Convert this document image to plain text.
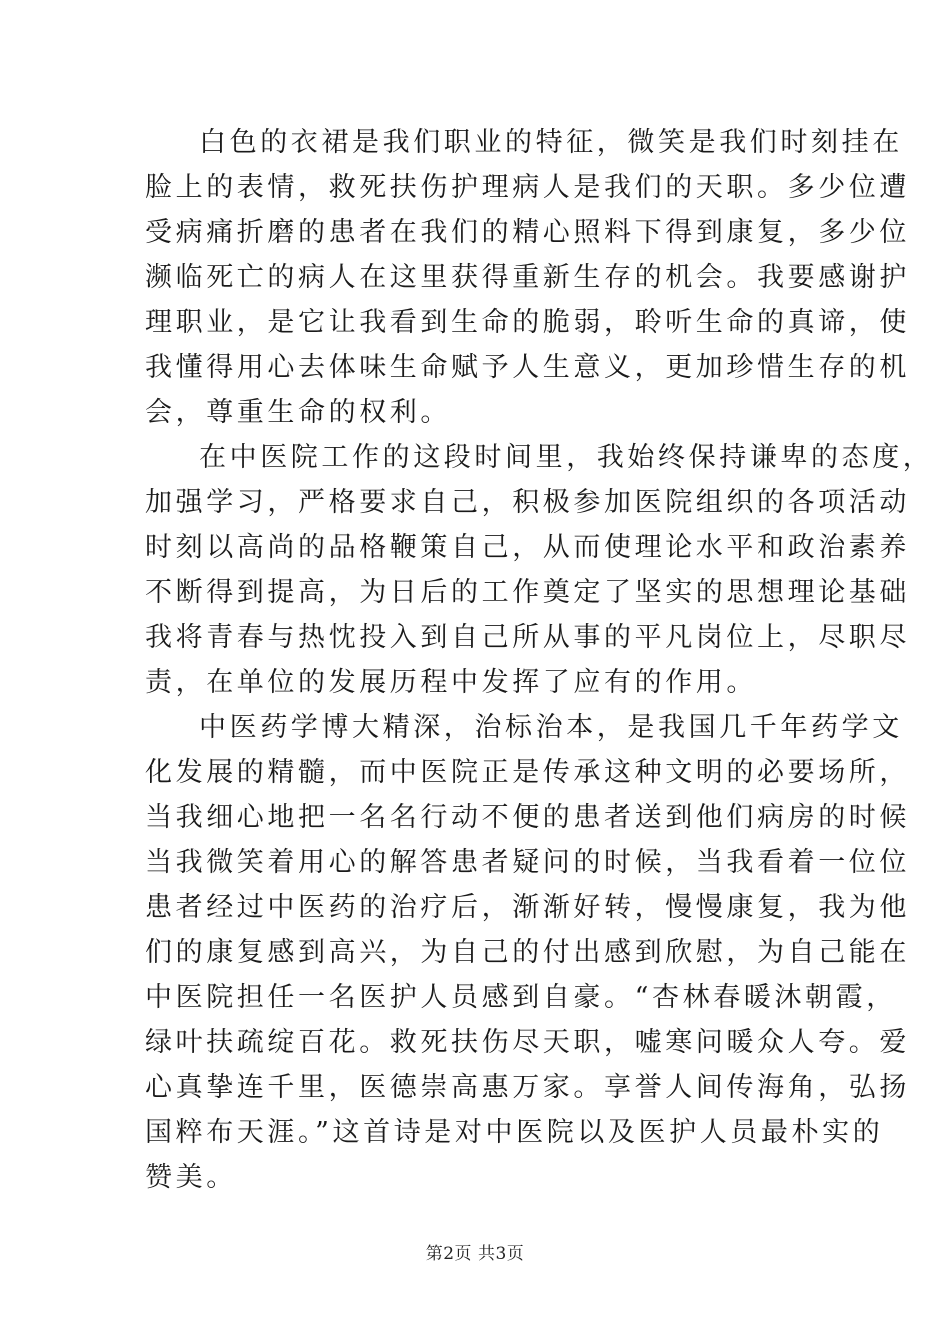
白色的衣裙是我们职业的特征，微笑是我们时刻挂在
脸上的表情，救死扶伤护理病人是我们的天职。多少位遭
受病痛折磨的患者在我们的精心照料下得到康复，多少位
濒临死亡的病人在这里获得重新生存的机会。我要感谢护
理职业，是它让我看到生命的脆弱，聆听生命的真谛，使
我懂得用心去体味生命赋予人生意义，更加珍惜生存的机
会，尊重生命的权利。
在中医院工作的这段时间里，我始终保持谦卑的态度，
加强学习，严格要求自己，积极参加医院组织的各项活动
时刻以高尚的品格鞭策自己，从而使理论水平和政治素养
不断得到提高，为日后的工作奠定了坚实的思想理论基础
我将青春与热忱投入到自己所从事的平凡岗位上，尽职尽
责，在单位的发展历程中发挥了应有的作用。
中医药学博大精深，治标治本，是我国几千年药学文
化发展的精髓，而中医院正是传承这种文明的必要场所，
当我细心地把一名名行动不便的患者送到他们病房的时候
当我微笑着用心的解答患者疑问的时候，当我看着一位位
患者经过中医药的治疗后，渐渐好转，慢慢康复，我为他
们的康复感到高兴，为自己的付出感到欣慰，为自己能在
中医院担任一名医护人员感到自豪。“杏林春暖沐朝霞，
绿叶扶疏绽百花。救死扶伤尽天职，嘘寒问暖众人夸。爱
心真挚连千里，医德崇高惠万家。享誉人间传海角，弘扬
国粹布天涯。”这首诗是对中医院以及医护人员最朴实的
赞美。
第2页 共3页
